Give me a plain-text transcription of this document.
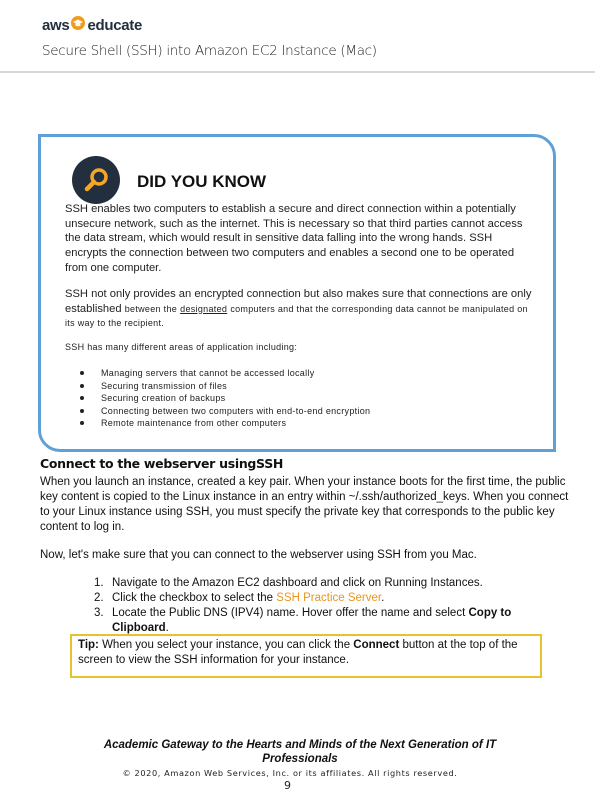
aws educate
Secure Shell (SSH) into Amazon EC2 Instance (Mac)
DID YOU KNOW
SSH enables two computers to establish a secure and direct connection within a potentially unsecure network, such as the internet. This is necessary so that third parties cannot access the data stream, which would result in sensitive data falling into the wrong hands. SSH encrypts the connection between two computers and enables a second one to be operated from one computer.
SSH not only provides an encrypted connection but also makes sure that connections are only established between the designated computers and that the corresponding data cannot be manipulated on its way to the recipient.
SSH has many different areas of application including:
Managing servers that cannot be accessed locally
Securing transmission of files
Securing creation of backups
Connecting between two computers with end-to-end encryption
Remote maintenance from other computers
Connect to the webserver usingSSH
When you launch an instance, created a key pair. When your instance boots for the first time, the public key content is copied to the Linux instance in an entry within ~/.ssh/authorized_keys. When you connect to your Linux instance using SSH, you must specify the private key that corresponds to the public key content to log in.
Now, let's make sure that you can connect to the webserver using SSH from you Mac.
1. Navigate to the Amazon EC2 dashboard and click on Running Instances.
2. Click the checkbox to select the SSH Practice Server.
3. Locate the Public DNS (IPV4) name. Hover offer the name and select Copy to Clipboard.
Tip: When you select your instance, you can click the Connect button at the top of the screen to view the SSH information for your instance.
Academic Gateway to the Hearts and Minds of the Next Generation of IT Professionals
© 2020, Amazon Web Services, Inc. or its affiliates. All rights reserved.
9
